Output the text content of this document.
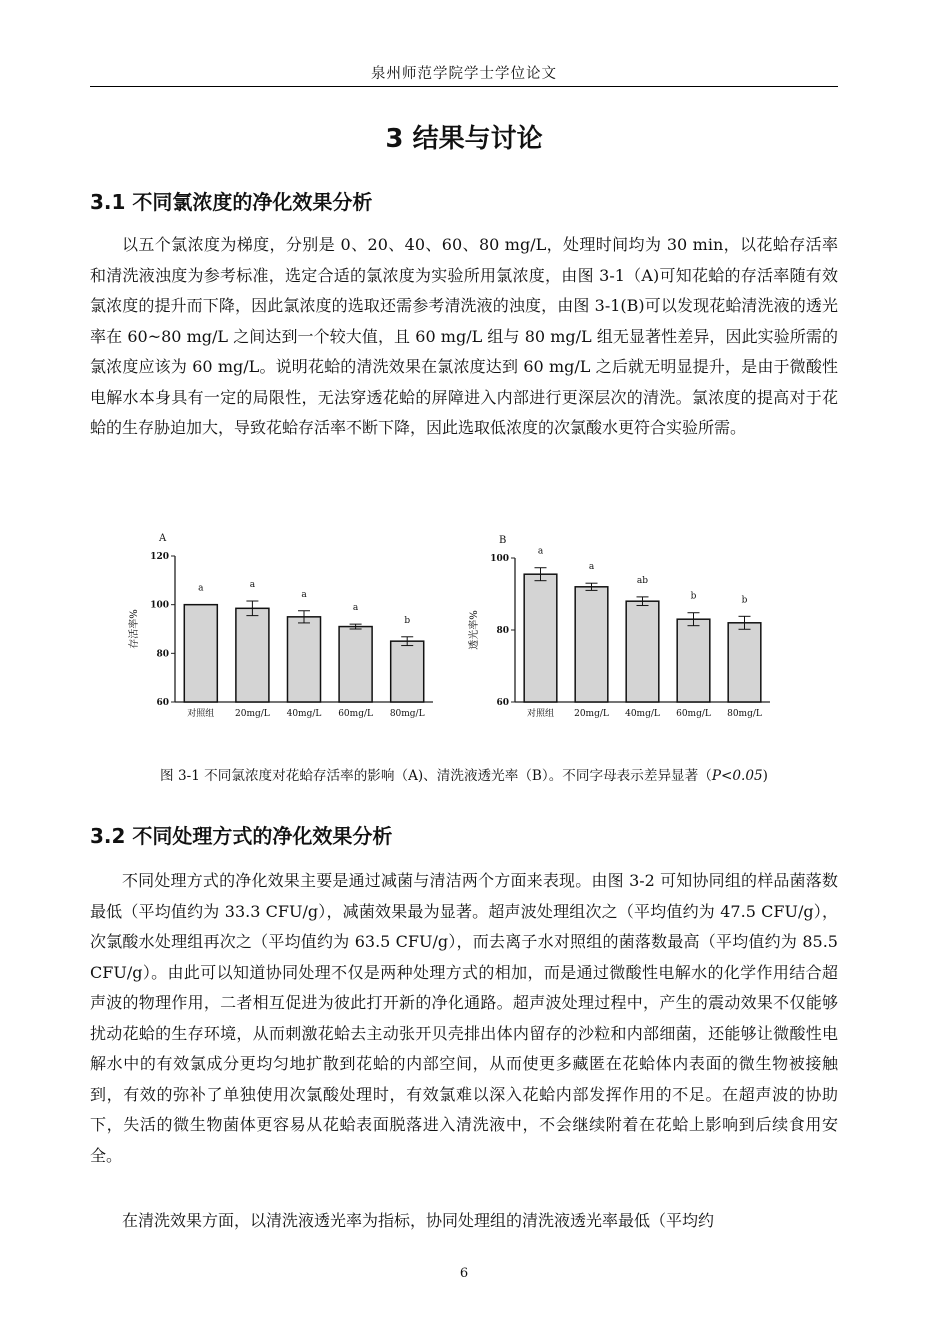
泉州师范学院学士学位论文
3 结果与讨论
3.1 不同氯浓度的净化效果分析

以五个氯浓度为梯度，分别是 0、20、40、60、80 mg/L，处理时间均为 30 min，以花蛤存活率和清洗液浊度为参考标准，选定合适的氯浓度为实验所用氯浓度，由图 3-1（A)可知花蛤的存活率随有效氯浓度的提升而下降，因此氯浓度的选取还需参考清洗液的浊度，由图 3-1(B)可以发现花蛤清洗液的透光率在 60~80 mg/L 之间达到一个较大值，且 60 mg/L 组与 80 mg/L 组无显著性差异，因此实验所需的氯浓度应该为 60 mg/L。说明花蛤的清洗效果在氯浓度达到 60 mg/L 之后就无明显提升，是由于微酸性电解水本身具有一定的局限性，无法穿透花蛤的屏障进入内部进行更深层次的清洗。氯浓度的提高对于花蛤的生存胁迫加大，导致花蛤存活率不断下降，因此选取低浓度的次氯酸水更符合实验所需。

A
60
80
100
120
存活率%
a
对照组
a
20mg/L
a
40mg/L
a
60mg/L
b
80mg/L
B
60
80
100
透光率%
a
对照组
a
20mg/L
ab
40mg/L
b
60mg/L
b
80mg/L
图 3-1 不同氯浓度对花蛤存活率的影响（A)、清洗液透光率（B）。不同字母表示差异显著（P<0.05)
3.2 不同处理方式的净化效果分析

不同处理方式的净化效果主要是通过减菌与清洁两个方面来表现。由图 3-2 可知协同组的样品菌落数最低（平均值约为 33.3 CFU/g），减菌效果最为显著。超声波处理组次之（平均值约为 47.5 CFU/g），次氯酸水处理组再次之（平均值约为 63.5 CFU/g），而去离子水对照组的菌落数最高（平均值约为 85.5 CFU/g）。由此可以知道协同处理不仅是两种处理方式的相加，而是通过微酸性电解水的化学作用结合超声波的物理作用，二者相互促进为彼此打开新的净化通路。超声波处理过程中，产生的震动效果不仅能够扰动花蛤的生存环境，从而刺激花蛤去主动张开贝壳排出体内留存的沙粒和内部细菌，还能够让微酸性电解水中的有效氯成分更均匀地扩散到花蛤的内部空间，从而使更多藏匿在花蛤体内表面的微生物被接触到，有效的弥补了单独使用次氯酸处理时，有效氯难以深入花蛤内部发挥作用的不足。在超声波的协助下，失活的微生物菌体更容易从花蛤表面脱落进入清洗液中，不会继续附着在花蛤上影响到后续食用安全。

在清洗效果方面，以清洗液透光率为指标，协同处理组的清洗液透光率最低（平均约

6
